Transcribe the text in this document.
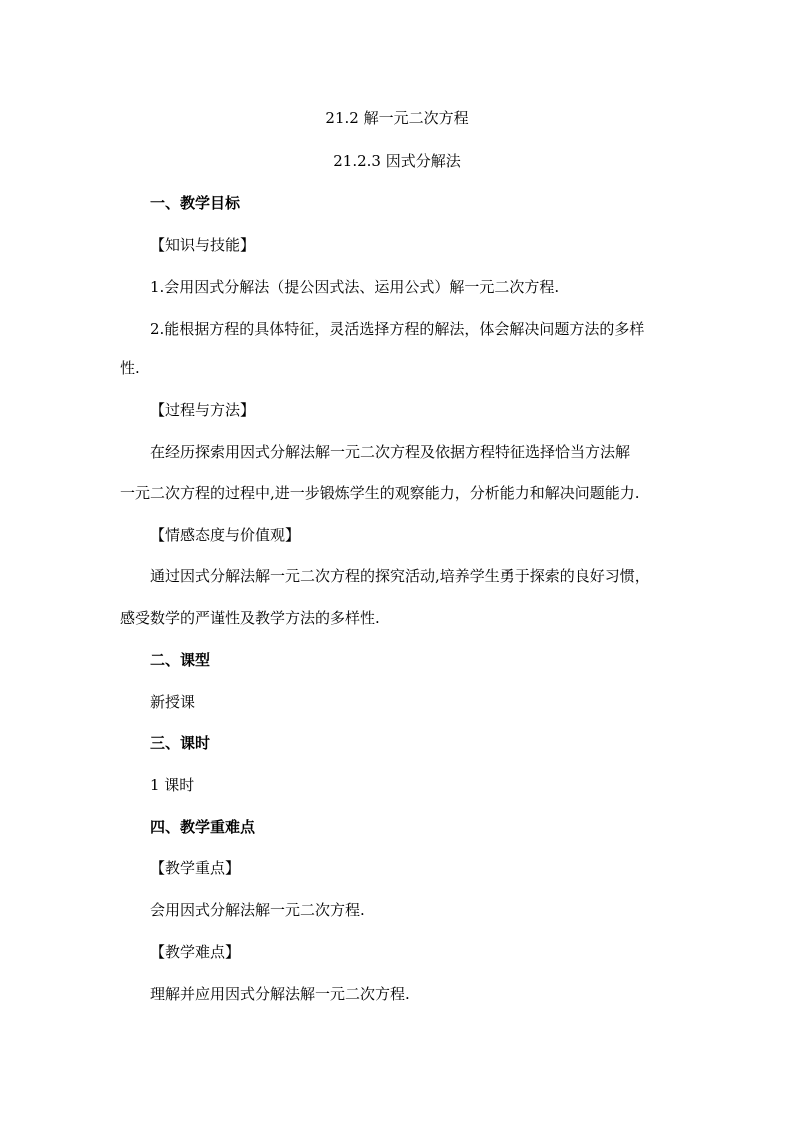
21.2 解一元二次方程
21.2.3 因式分解法
一、教学目标
【知识与技能】
1.会用因式分解法（提公因式法、运用公式）解一元二次方程.
2.能根据方程的具体特征，灵活选择方程的解法，体会解决问题方法的多样
性.
【过程与方法】
在经历探索用因式分解法解一元二次方程及依据方程特征选择恰当方法解
一元二次方程的过程中,进一步锻炼学生的观察能力，分析能力和解决问题能力.
【情感态度与价值观】
通过因式分解法解一元二次方程的探究活动,培养学生勇于探索的良好习惯，
感受数学的严谨性及教学方法的多样性.
二、课型
新授课
三、课时
1 课时
四、教学重难点
【教学重点】
会用因式分解法解一元二次方程.
【教学难点】
理解并应用因式分解法解一元二次方程.
